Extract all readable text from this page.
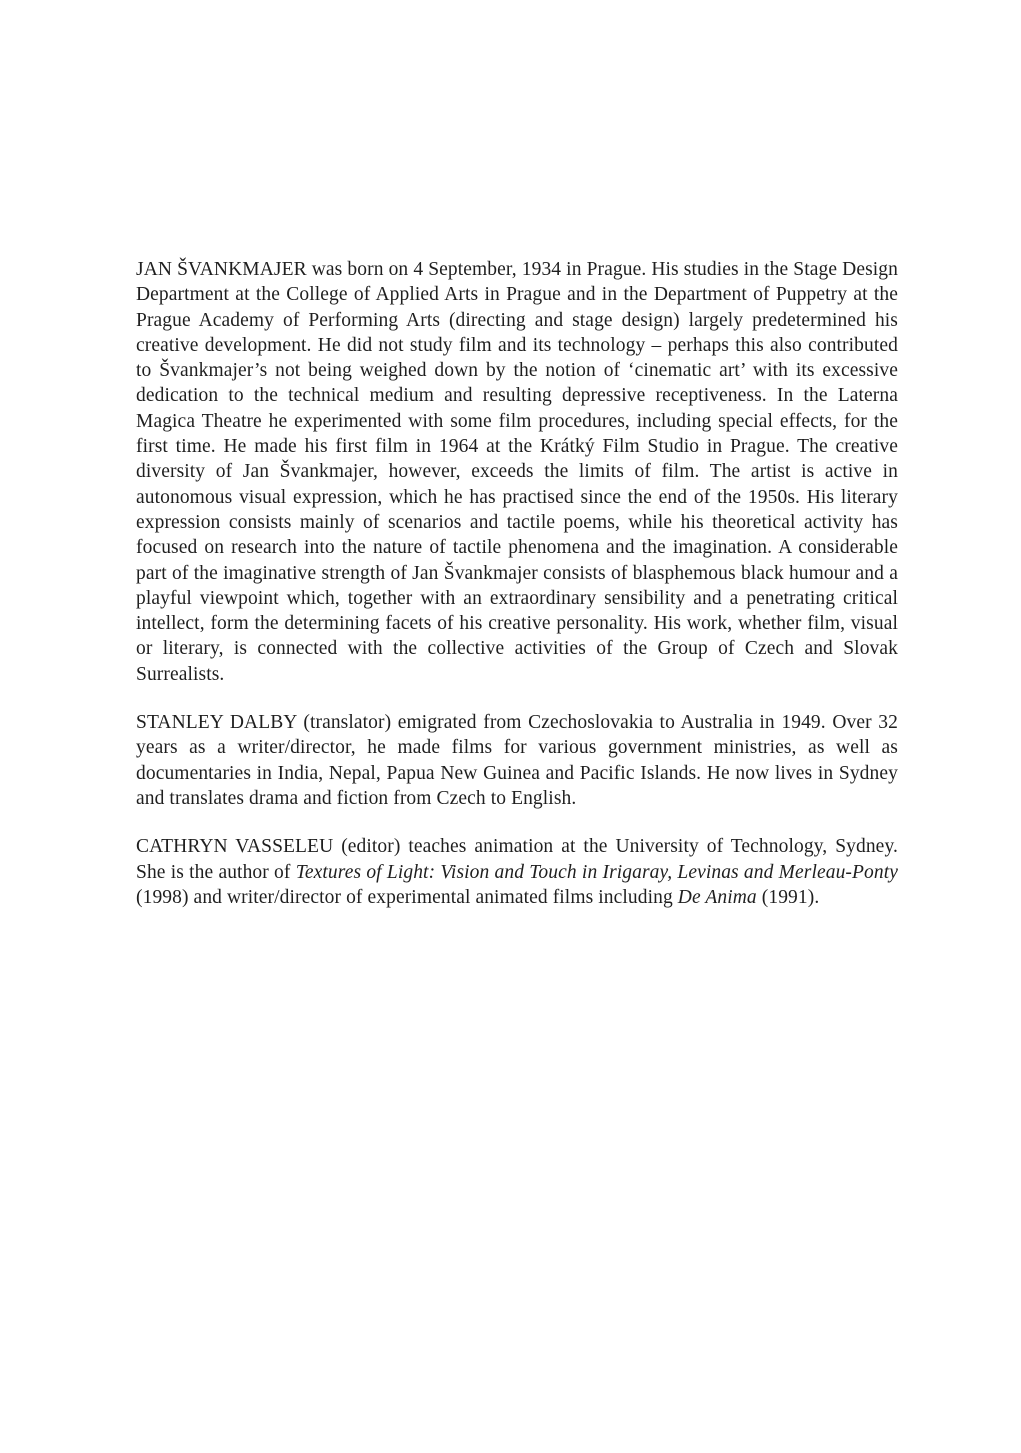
JAN ŠVANKMAJER was born on 4 September, 1934 in Prague. His studies in the Stage Design Department at the College of Applied Arts in Prague and in the Department of Puppetry at the Prague Academy of Performing Arts (directing and stage design) largely predetermined his creative development. He did not study film and its technology – perhaps this also contributed to Švankmajer’s not being weighed down by the notion of ‘cinematic art’ with its excessive dedication to the technical medium and resulting depressive receptiveness. In the Laterna Magica Theatre he experimented with some film procedures, including special effects, for the first time. He made his first film in 1964 at the Krátký Film Studio in Prague. The creative diversity of Jan Švankmajer, however, exceeds the limits of film. The artist is active in autonomous visual expression, which he has practised since the end of the 1950s. His literary expression consists mainly of scenarios and tactile poems, while his theoretical activity has focused on research into the nature of tactile phenomena and the imagination. A considerable part of the imaginative strength of Jan Švankmajer consists of blasphemous black humour and a playful viewpoint which, together with an extraordinary sensibility and a penetrating critical intellect, form the determining facets of his creative personality. His work, whether film, visual or literary, is connected with the collective activities of the Group of Czech and Slovak Surrealists.

STANLEY DALBY (translator) emigrated from Czechoslovakia to Australia in 1949. Over 32 years as a writer/director, he made films for various government ministries, as well as documentaries in India, Nepal, Papua New Guinea and Pacific Islands. He now lives in Sydney and translates drama and fiction from Czech to English.

CATHRYN VASSELEU (editor) teaches animation at the University of Technology, Sydney. She is the author of Textures of Light: Vision and Touch in Irigaray, Levinas and Merleau-Ponty (1998) and writer/director of experimental animated films including De Anima (1991).
